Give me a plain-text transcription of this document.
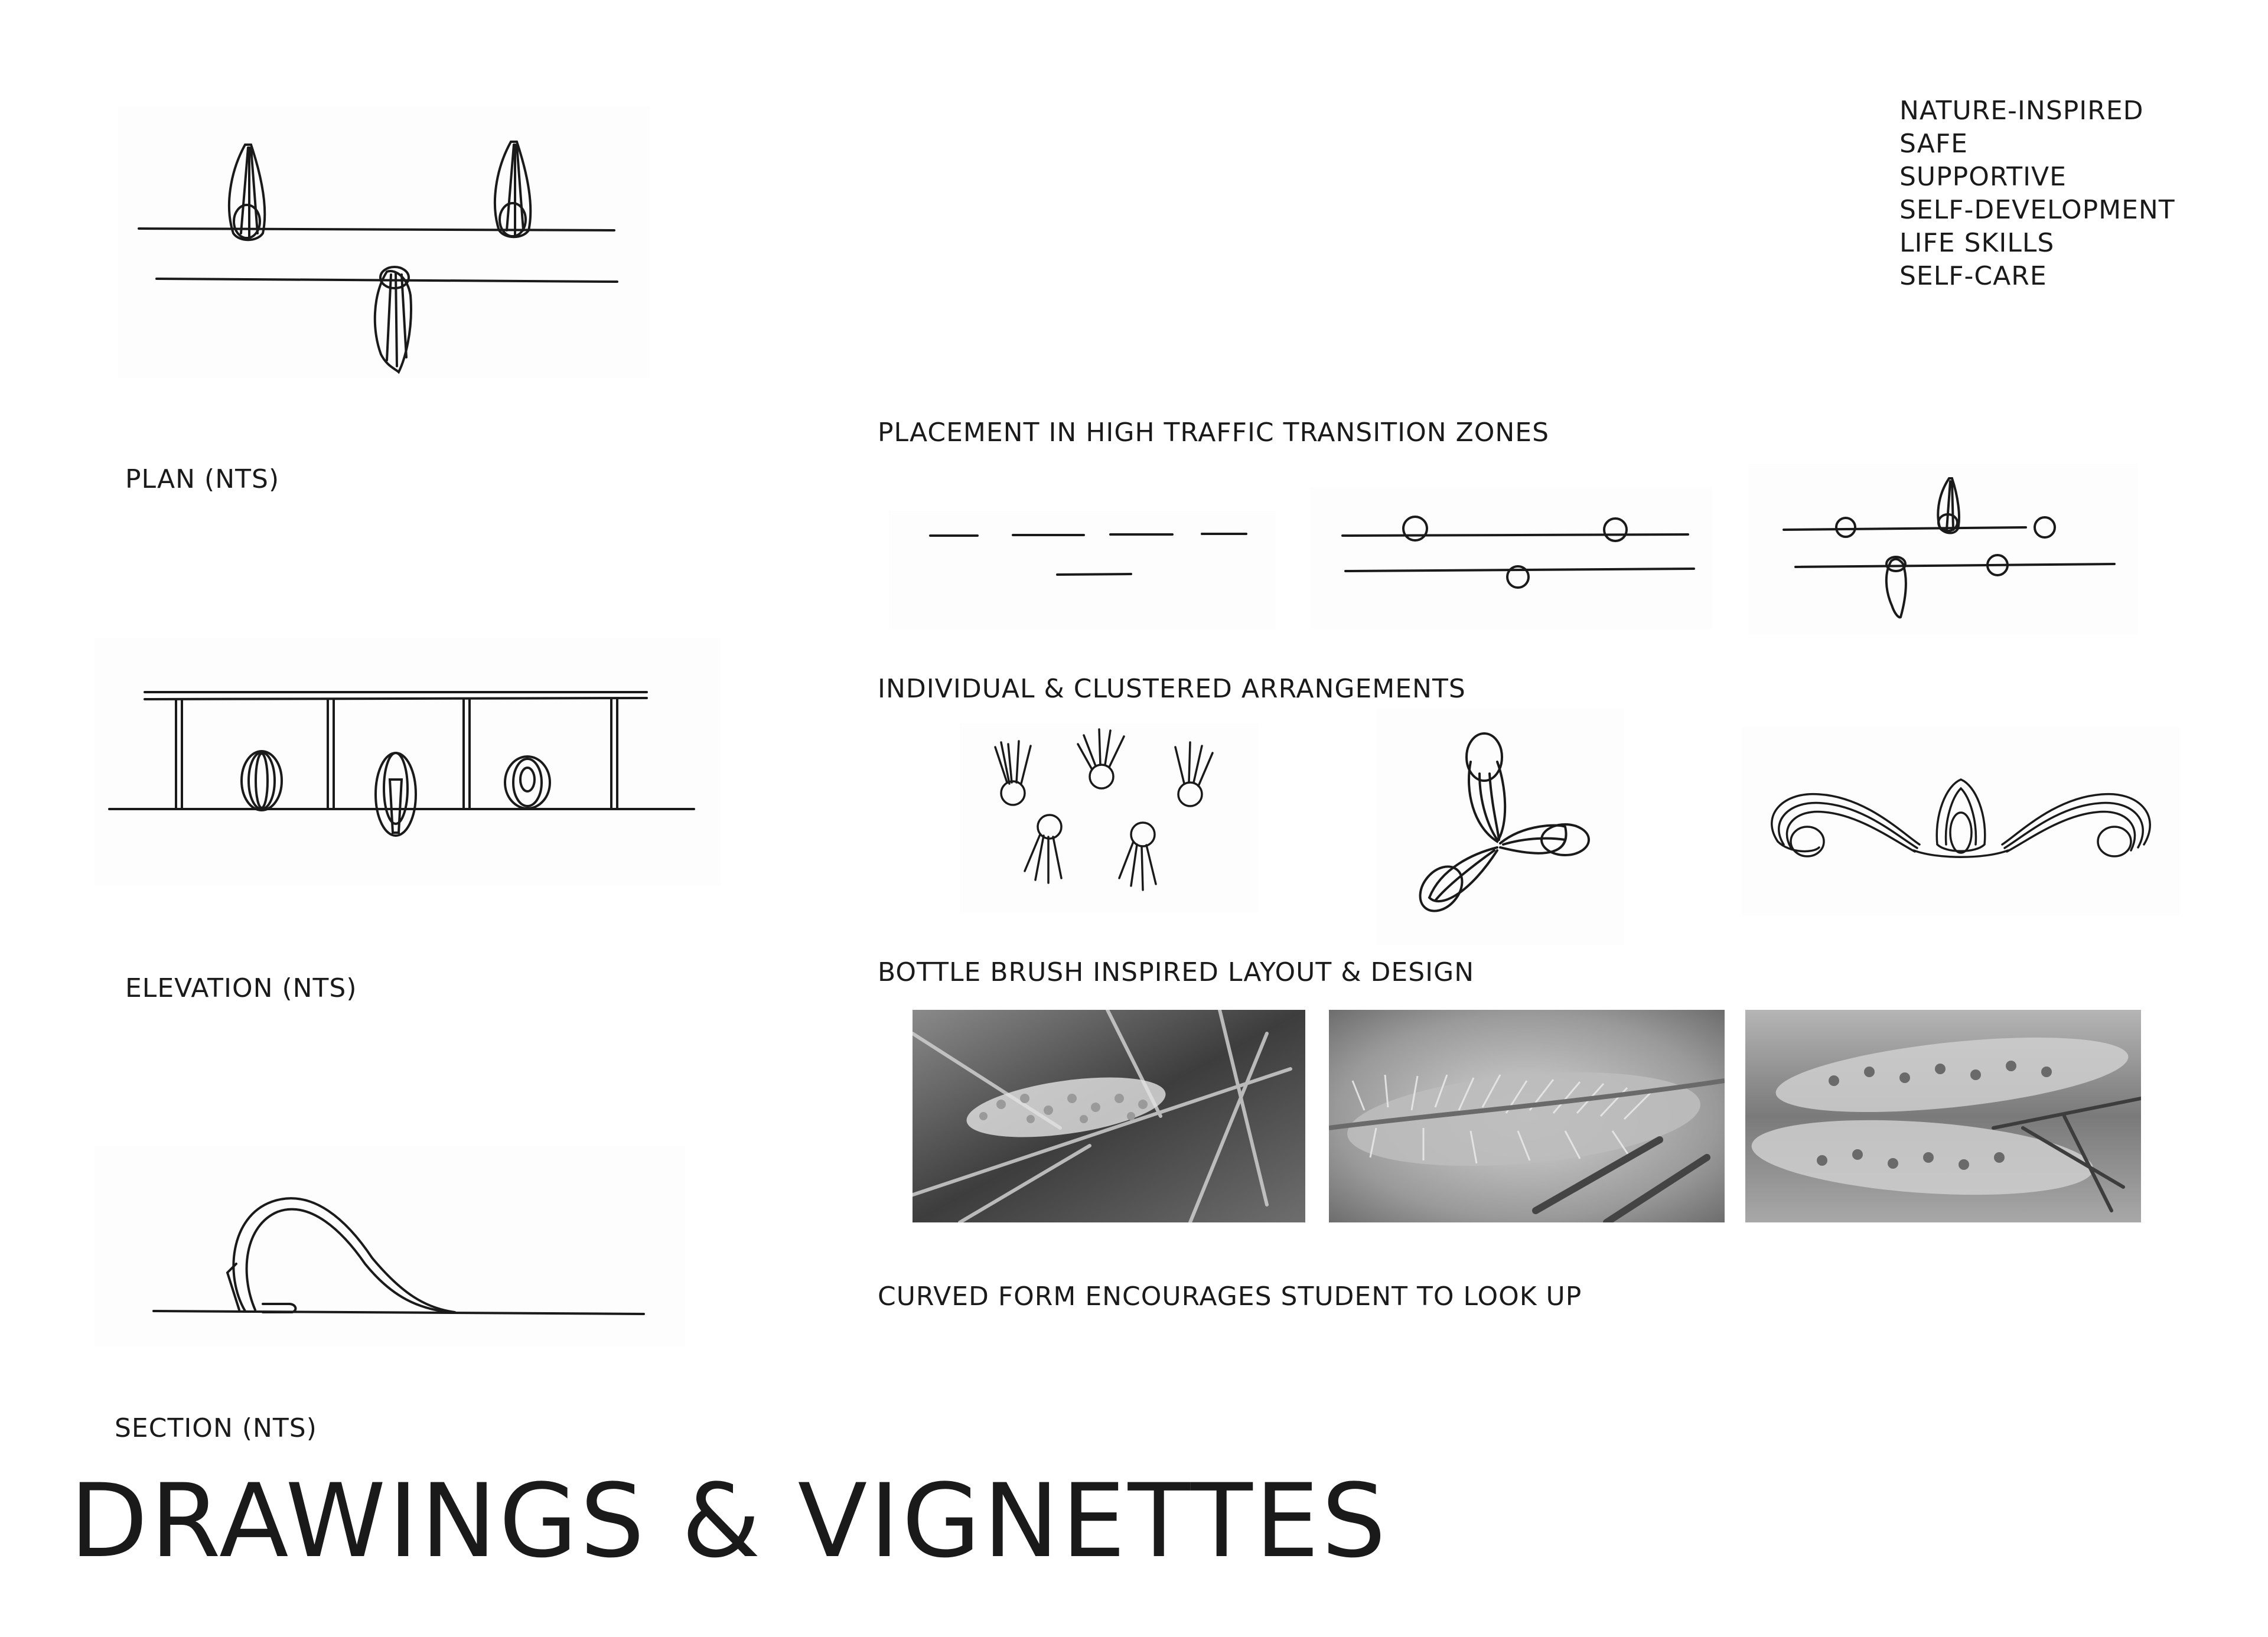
NATURE-INSPIRED
SAFE
SUPPORTIVE
SELF-DEVELOPMENT
LIFE SKILLS
SELF-CARE
PLAN (NTS)
ELEVATION (NTS)
SECTION (NTS)
PLACEMENT IN HIGH TRAFFIC TRANSITION ZONES
INDIVIDUAL & CLUSTERED ARRANGEMENTS
BOTTLE BRUSH INSPIRED LAYOUT & DESIGN
CURVED FORM ENCOURAGES STUDENT TO LOOK UP
DRAWINGS & VIGNETTES
